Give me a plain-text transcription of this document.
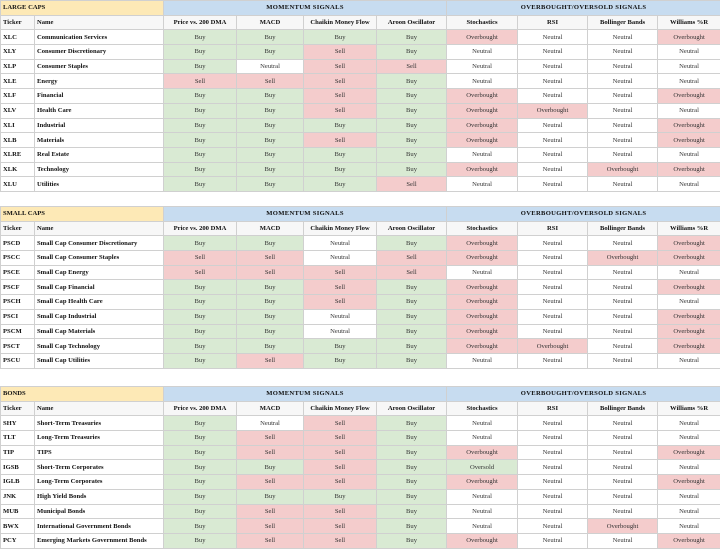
LARGE CAPS		MOMENTUM SIGNALS				OVERBOUGHT/OVERSOLD SIGNALS			
Ticker	Name	Price vs. 200 DMA	MACD	Chaikin Money Flow	Aroon Oscillator	Stochastics	RSI	Bollinger Bands	Williams %R
XLC	Communication Services	Buy	Buy	Buy	Buy	Overbought	Neutral	Neutral	Overbought
XLY	Consumer Discretionary	Buy	Buy	Sell	Buy	Neutral	Neutral	Neutral	Neutral
XLP	Consumer Staples	Buy	Neutral	Sell	Sell	Neutral	Neutral	Neutral	Neutral
XLE	Energy	Sell	Sell	Sell	Buy	Neutral	Neutral	Neutral	Neutral
XLF	Financial	Buy	Buy	Sell	Buy	Overbought	Neutral	Neutral	Overbought
XLV	Health Care	Buy	Buy	Sell	Buy	Overbought	Overbought	Neutral	Neutral
XLI	Industrial	Buy	Buy	Buy	Buy	Overbought	Neutral	Neutral	Overbought
XLB	Materials	Buy	Buy	Sell	Buy	Overbought	Neutral	Neutral	Overbought
XLRE	Real Estate	Buy	Buy	Buy	Buy	Neutral	Neutral	Neutral	Neutral
XLK	Technology	Buy	Buy	Buy	Buy	Overbought	Neutral	Overbought	Overbought
XLU	Utilities	Buy	Buy	Buy	Sell	Neutral	Neutral	Neutral	Neutral
SMALL CAPS		MOMENTUM SIGNALS				OVERBOUGHT/OVERSOLD SIGNALS			
Ticker	Name	Price vs. 200 DMA	MACD	Chaikin Money Flow	Aroon Oscillator	Stochastics	RSI	Bollinger Bands	Williams %R
PSCD	Small Cap Consumer Discretionary	Buy	Buy	Neutral	Buy	Overbought	Neutral	Neutral	Overbought
PSCC	Small Cap Consumer Staples	Sell	Sell	Neutral	Sell	Overbought	Neutral	Overbought	Overbought
PSCE	Small Cap Energy	Sell	Sell	Sell	Sell	Neutral	Neutral	Neutral	Neutral
PSCF	Small Cap Financial	Buy	Buy	Sell	Buy	Overbought	Neutral	Neutral	Overbought
PSCH	Small Cap Health Care	Buy	Buy	Sell	Buy	Overbought	Neutral	Neutral	Neutral
PSCI	Small Cap Industrial	Buy	Buy	Neutral	Buy	Overbought	Neutral	Neutral	Overbought
PSCM	Small Cap Materials	Buy	Buy	Neutral	Buy	Overbought	Neutral	Neutral	Overbought
PSCT	Small Cap Technology	Buy	Buy	Buy	Buy	Overbought	Overbought	Neutral	Overbought
PSCU	Small Cap Utilities	Buy	Sell	Buy	Buy	Neutral	Neutral	Neutral	Neutral
BONDS		MOMENTUM SIGNALS				OVERBOUGHT/OVERSOLD SIGNALS			
Ticker	Name	Price vs. 200 DMA	MACD	Chaikin Money Flow	Aroon Oscillator	Stochastics	RSI	Bollinger Bands	Williams %R
SHY	Short-Term Treasuries	Buy	Neutral	Sell	Buy	Neutral	Neutral	Neutral	Neutral
TLT	Long-Term Treasuries	Buy	Sell	Sell	Buy	Neutral	Neutral	Neutral	Neutral
TIP	TIPS	Buy	Sell	Sell	Buy	Overbought	Neutral	Neutral	Overbought
IGSB	Short-Term Corporates	Buy	Buy	Sell	Buy	Oversold	Neutral	Neutral	Neutral
IGLB	Long-Term Corporates	Buy	Sell	Sell	Buy	Overbought	Neutral	Neutral	Overbought
JNK	High Yield Bonds	Buy	Buy	Buy	Buy	Neutral	Neutral	Neutral	Neutral
MUB	Municipal Bonds	Buy	Sell	Sell	Buy	Neutral	Neutral	Neutral	Neutral
BWX	International Government Bonds	Buy	Sell	Sell	Buy	Neutral	Neutral	Overbought	Neutral
PCY	Emerging Markets Government Bonds	Buy	Sell	Sell	Buy	Overbought	Neutral	Neutral	Overbought
